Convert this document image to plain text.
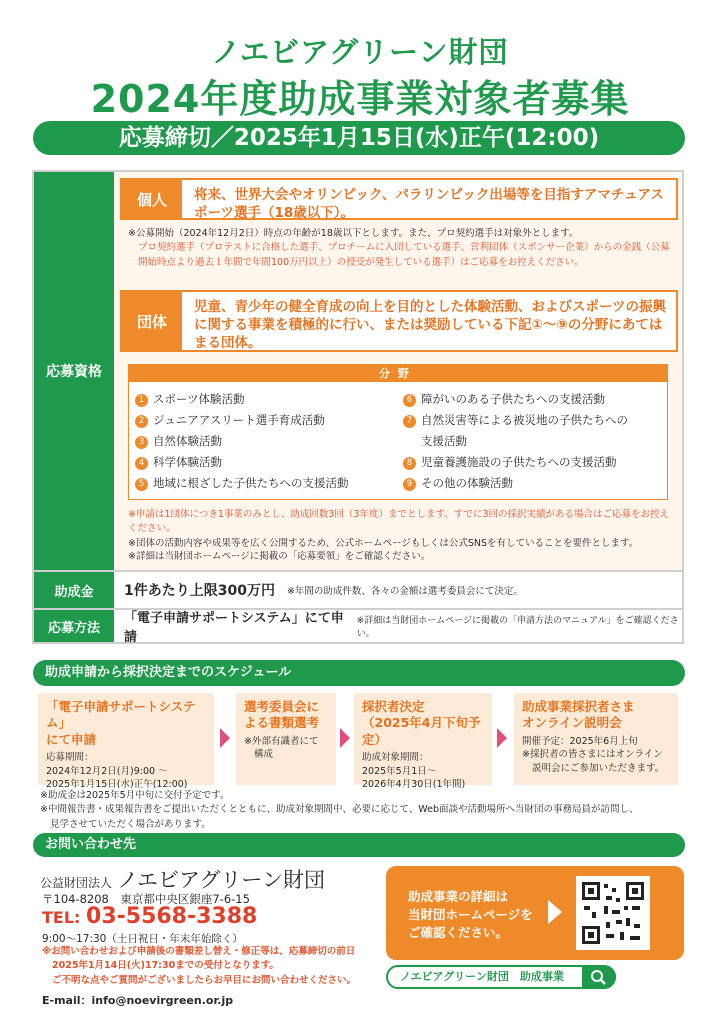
ノエビアグリーン財団
2024年度助成事業対象者募集
応募締切／2025年1月15日(水)正午(12:00)
応募資格
個人	将来、世界大会やオリンピック、パラリンピック出場等を目指すアマチュアスポーツ選手（18歳以下）。
※公募開始（2024年12月2日）時点の年齢が18歳以下とします。また、プロ契約選手は対象外とします。
プロ契約選手（プロテストに合格した選手、プロチームに入団している選手、営利団体（スポンサー企業）からの金銭（公募開始時点より過去１年間で年間100万円以上）の授受が発生している選手）はご応募をお控えください。
団体
児童、青少年の健全育成の向上を目的とした体験活動、およびスポーツの振興に関する事業を積極的に行い、または奨励している下記①～⑨の分野にあてはまる団体。
分野
1 スポーツ体験活動
2 ジュニアアスリート選手育成活動
3 自然体験活動
4 科学体験活動
5 地域に根ざした子供たちへの支援活動
6 障がいのある子供たちへの支援活動
7 自然災害等による被災地の子供たちへの
支援活動
8 児童養護施設の子供たちへの支援活動
9 その他の体験活動
※申請は1団体につき1事業のみとし、助成回数3回（3年度）までとします。すでに3回の採択実績がある場合はご応募をお控えください。
※団体の活動内容や成果等を広く公開するため、公式ホームページもしくは公式SNSを有していることを要件とします。
※詳細は当財団ホームページに掲載の「応募要領」をご確認ください。
助成金	1件あたり上限300万円 ※年間の助成件数、各々の金額は選考委員会にて決定。
応募方法
「電子申請サポートシステム」にて申請
※詳細は当財団ホームページに掲載の「申請方法のマニュアル」をご確認ください。
助成申請から採択決定までのスケジュール
「電子申請サポートシステム」
にて申請
応募期間：
2024年12月2日(月)9:00 ～
2025年1月15日(水)正午(12:00)
選考委員会に
よる書類選考
※外部有識者にて
構成
採択者決定
（2025年4月下旬予定）
助成対象期間：
2025年5月1日～
2026年4月30日(1年間)
助成事業採択者さま
オンライン説明会
開催予定：2025年6月上旬
※採択者の皆さまにはオンライン
説明会にご参加いただきます。
※助成金は2025年5月中旬に交付予定です。
※中間報告書・成果報告書をご提出いただくとともに、助成対象期間中、必要に応じて、Web面談や活動場所へ当財団の事務局員が訪問し、
見学させていただく場合があります。
お問い合わせ先
公益財団法人 ノエビアグリーン財団
〒104-8208　東京都中央区銀座7-6-15
TEL: 03-5568-3388
9:00～17:30（土日祝日・年末年始除く）
※お問い合わせおよび申請後の書類差し替え・修正等は、応募締切の前日
2025年1月14日(火)17:30までの受付となります。
ご不明な点やご質問がございましたらお早目にお問い合わせください。
E-mail：info@noevirgreen.or.jp
助成事業の詳細は
当財団ホームページを
ご確認ください。
ノエビアグリーン財団　助成事業
